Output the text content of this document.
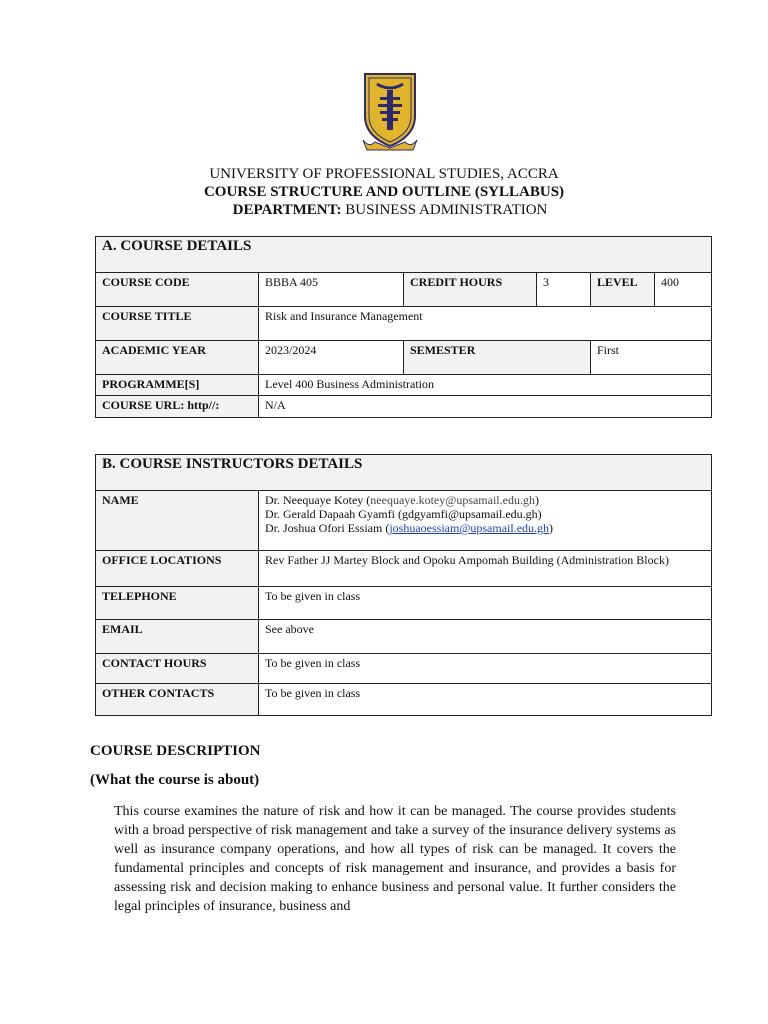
UNIVERSITY OF PROFESSIONAL STUDIES, ACCRA
COURSE STRUCTURE AND OUTLINE (SYLLABUS)
DEPARTMENT: BUSINESS ADMINISTRATION
A. COURSE DETAILS					
COURSE CODE	BBBA 405	CREDIT HOURS	3	LEVEL	400
COURSE TITLE	Risk and Insurance Management				
ACADEMIC YEAR	2023/2024	SEMESTER		First	
PROGRAMME[S]	Level 400 Business Administration				
COURSE URL: http//:	N/A				
B. COURSE INSTRUCTORS DETAILS	
NAME	Dr. Neequaye Kotey (neequaye.kotey@upsamail.edu.gh)
Dr. Gerald Dapaah Gyamfi (gdgyamfi@upsamail.edu.gh)
Dr. Joshua Ofori Essiam (joshuaoessiam@upsamail.edu.gh)

OFFICE LOCATIONS	Rev Father JJ Martey Block and Opoku Ampomah Building (Administration Block)
TELEPHONE	To be given in class
EMAIL	See above
CONTACT HOURS	To be given in class
OTHER CONTACTS	To be given in class
COURSE DESCRIPTION
(What the course is about)
This course examines the nature of risk and how it can be managed. The course provides students with a broad perspective of risk management and take a survey of the insurance delivery systems as well as insurance company operations, and how all types of risk can be managed. It covers the fundamental principles and concepts of risk management and insurance, and provides a basis for assessing risk and decision making to enhance business and personal value. It further considers the legal principles of insurance, business and
